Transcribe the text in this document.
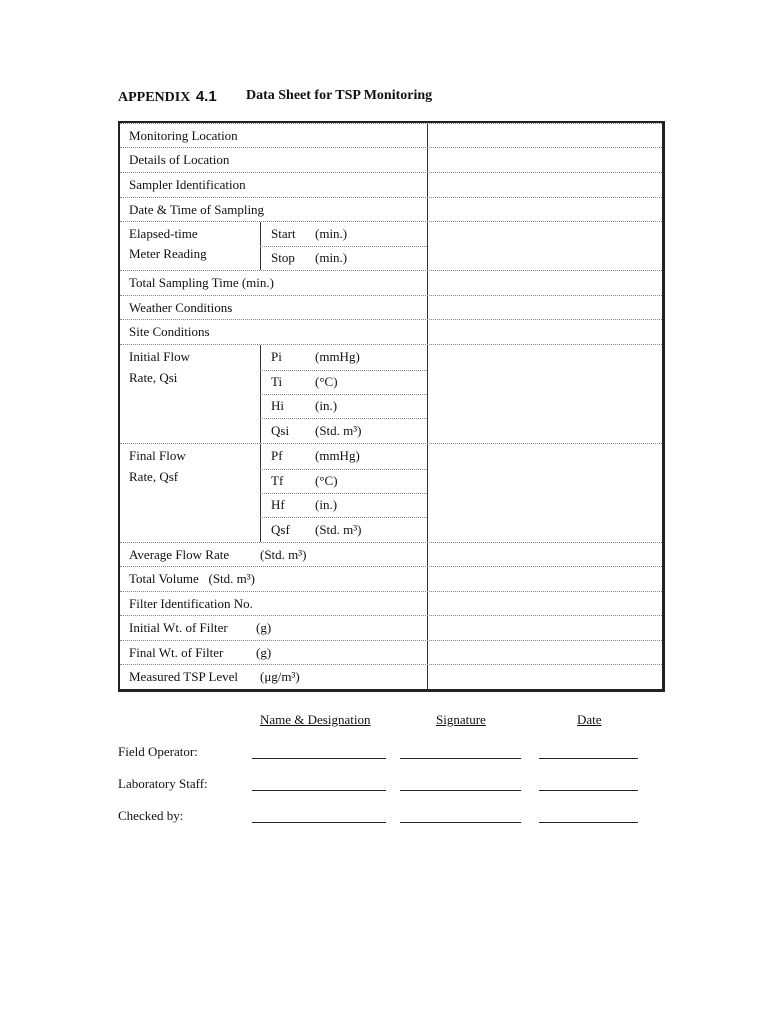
APPENDIX 4.1 Data Sheet for TSP Monitoring
Monitoring Location
Details of Location
Sampler Identification
Date & Time of Sampling
Elapsed-time
Meter Reading
Start (min.)
Stop (min.)
Total Sampling Time (min.)
Weather Conditions
Site Conditions
Initial Flow
Rate, Qsi
Pi	(mmHg)
Ti	(°C)
Hi (in.)
Qsi (Std. m³)
Final Flow
Rate, Qsf
Pf (mmHg)
Tf (°C)
Hf (in.)
Qsf (Std. m³)
Average Flow Rate (Std. m³)
Total Volume   (Std. m³)
Filter Identification No.
Initial Wt. of Filter (g)
Final Wt. of Filter	(g)
Measured TSP Level (μg/m³)
Name & Designation	Signature	Date
Field Operator:
Laboratory Staff:
Checked by:
